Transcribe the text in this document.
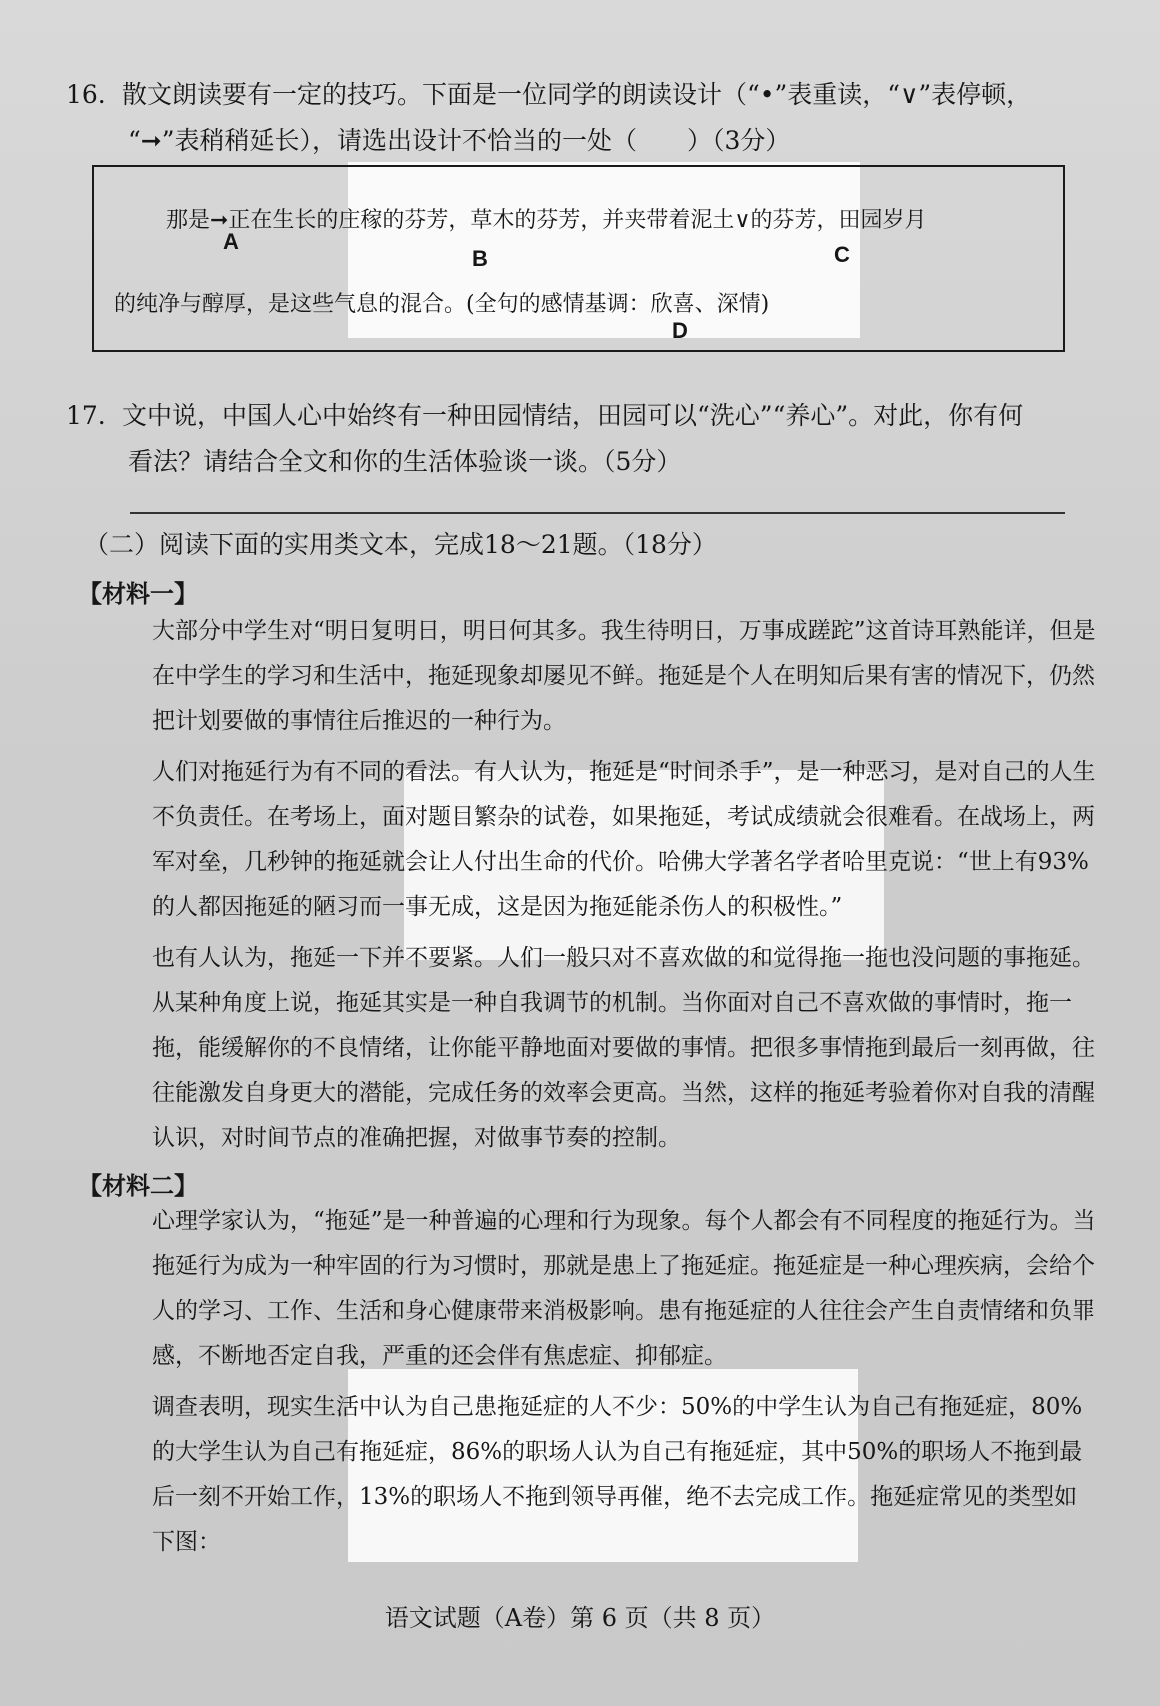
16. 散文朗读要有一定的技巧。下面是一位同学的朗读设计（“•”表重读，“∨”表停顿，
“➞”表稍稍延长），请选出设计不恰当的一处（　　）（3分）
那是➞正在生长的庄稼的芬芳，草木的芬芳，并夹带着泥土∨的芬芳，田园岁月
的纯净与醇厚，是这些气息的混合。(全句的感情基调：欣喜、深情)
A
B	C
D
17. 文中说，中国人心中始终有一种田园情结，田园可以“洗心”“养心”。对此，你有何
看法？请结合全文和你的生活体验谈一谈。（5分）
（二）阅读下面的实用类文本，完成18～21题。（18分）
【材料一】

大部分中学生对“明日复明日，明日何其多。我生待明日，万事成蹉跎”这首诗耳熟能详，但是在中学生的学习和生活中，拖延现象却屡见不鲜。拖延是个人在明知后果有害的情况下，仍然把计划要做的事情往后推迟的一种行为。

人们对拖延行为有不同的看法。有人认为，拖延是“时间杀手”，是一种恶习，是对自己的人生不负责任。在考场上，面对题目繁杂的试卷，如果拖延，考试成绩就会很难看。在战场上，两军对垒，几秒钟的拖延就会让人付出生命的代价。哈佛大学著名学者哈里克说：“世上有93%的人都因拖延的陋习而一事无成，这是因为拖延能杀伤人的积极性。”

也有人认为，拖延一下并不要紧。人们一般只对不喜欢做的和觉得拖一拖也没问题的事拖延。从某种角度上说，拖延其实是一种自我调节的机制。当你面对自己不喜欢做的事情时，拖一拖，能缓解你的不良情绪，让你能平静地面对要做的事情。把很多事情拖到最后一刻再做，往往能激发自身更大的潜能，完成任务的效率会更高。当然，这样的拖延考验着你对自我的清醒认识，对时间节点的准确把握，对做事节奏的控制。

【材料二】

心理学家认为，“拖延”是一种普遍的心理和行为现象。每个人都会有不同程度的拖延行为。当拖延行为成为一种牢固的行为习惯时，那就是患上了拖延症。拖延症是一种心理疾病，会给个人的学习、工作、生活和身心健康带来消极影响。患有拖延症的人往往会产生自责情绪和负罪感，不断地否定自我，严重的还会伴有焦虑症、抑郁症。

调查表明，现实生活中认为自己患拖延症的人不少：50%的中学生认为自己有拖延症，80%的大学生认为自己有拖延症，86%的职场人认为自己有拖延症，其中50%的职场人不拖到最后一刻不开始工作，13%的职场人不拖到领导再催，绝不去完成工作。拖延症常见的类型如下图：

语文试题（A卷）第 6 页（共 8 页）
